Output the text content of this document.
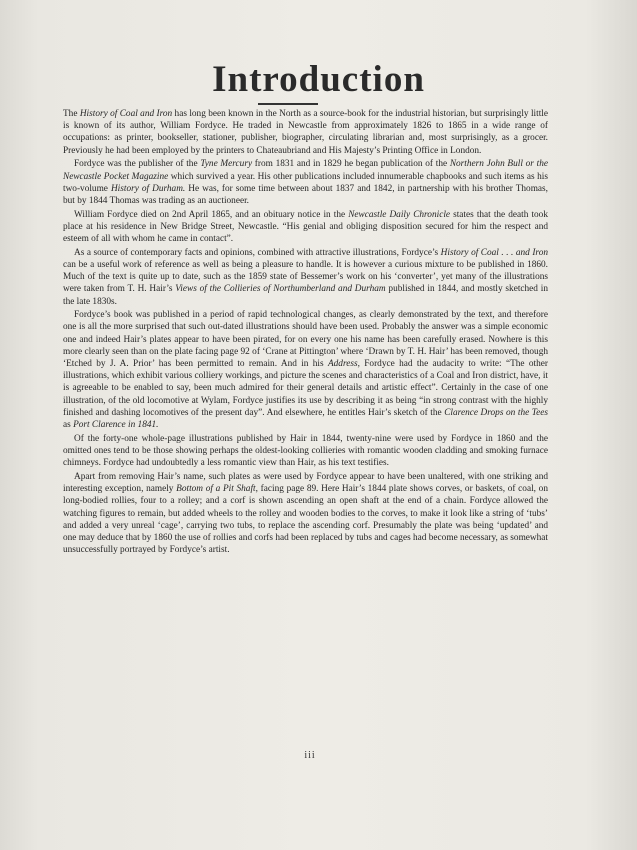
Introduction

The History of Coal and Iron has long been known in the North as a source-book for the industrial historian, but surprisingly little is known of its author, William Fordyce. He traded in Newcastle from approximately 1826 to 1865 in a wide range of occupations: as printer, bookseller, stationer, publisher, biographer, circulating librarian and, most surprisingly, as a grocer. Previously he had been employed by the printers to Chateaubriand and His Majesty’s Printing Office in London.

Fordyce was the publisher of the Tyne Mercury from 1831 and in 1829 he began publication of the Northern John Bull or the Newcastle Pocket Magazine which survived a year. His other publications included innumerable chapbooks and such items as his two-volume History of Durham. He was, for some time between about 1837 and 1842, in partnership with his brother Thomas, but by 1844 Thomas was trading as an auctioneer.

William Fordyce died on 2nd April 1865, and an obituary notice in the Newcastle Daily Chronicle states that the death took place at his residence in New Bridge Street, Newcastle. “His genial and obliging disposition secured for him the respect and esteem of all with whom he came in contact”.

As a source of contemporary facts and opinions, combined with attractive illustrations, Fordyce’s History of Coal . . . and Iron can be a useful work of reference as well as being a pleasure to handle. It is however a curious mixture to be published in 1860. Much of the text is quite up to date, such as the 1859 state of Bessemer’s work on his ‘converter’, yet many of the illustrations were taken from T. H. Hair’s Views of the Collieries of Northumberland and Durham published in 1844, and mostly sketched in the late 1830s.

Fordyce’s book was published in a period of rapid technological changes, as clearly demonstrated by the text, and therefore one is all the more surprised that such out-dated illustrations should have been used. Probably the answer was a simple economic one and indeed Hair’s plates appear to have been pirated, for on every one his name has been carefully erased. Nowhere is this more clearly seen than on the plate facing page 92 of ‘Crane at Pittington’ where ‘Drawn by T. H. Hair’ has been removed, though ‘Etched by J. A. Prior’ has been permitted to remain. And in his Address, Fordyce had the audacity to write: “The other illustrations, which exhibit various colliery workings, and picture the scenes and characteristics of a Coal and Iron district, have, it is agreeable to be enabled to say, been much admired for their general details and artistic effect”. Certainly in the case of one illustration, of the old locomotive at Wylam, Fordyce justifies its use by describing it as being “in strong contrast with the highly finished and dashing locomotives of the present day”. And elsewhere, he entitles Hair’s sketch of the Clarence Drops on the Tees as Port Clarence in 1841.

Of the forty-one whole-page illustrations published by Hair in 1844, twenty-nine were used by Fordyce in 1860 and the omitted ones tend to be those showing perhaps the oldest-looking collieries with romantic wooden cladding and smoking furnace chimneys. Fordyce had undoubtedly a less romantic view than Hair, as his text testifies.

Apart from removing Hair’s name, such plates as were used by Fordyce appear to have been unaltered, with one striking and interesting exception, namely Bottom of a Pit Shaft, facing page 89. Here Hair’s 1844 plate shows corves, or baskets, of coal, on long-bodied rollies, four to a rolley; and a corf is shown ascending an open shaft at the end of a chain. Fordyce allowed the watching figures to remain, but added wheels to the rolley and wooden bodies to the corves, to make it look like a string of ‘tubs’ and added a very unreal ‘cage’, carrying two tubs, to replace the ascending corf. Presumably the plate was being ‘updated’ and one may deduce that by 1860 the use of rollies and corfs had been replaced by tubs and cages had become necessary, as somewhat unsuccessfully portrayed by Fordyce’s artist.

iii
